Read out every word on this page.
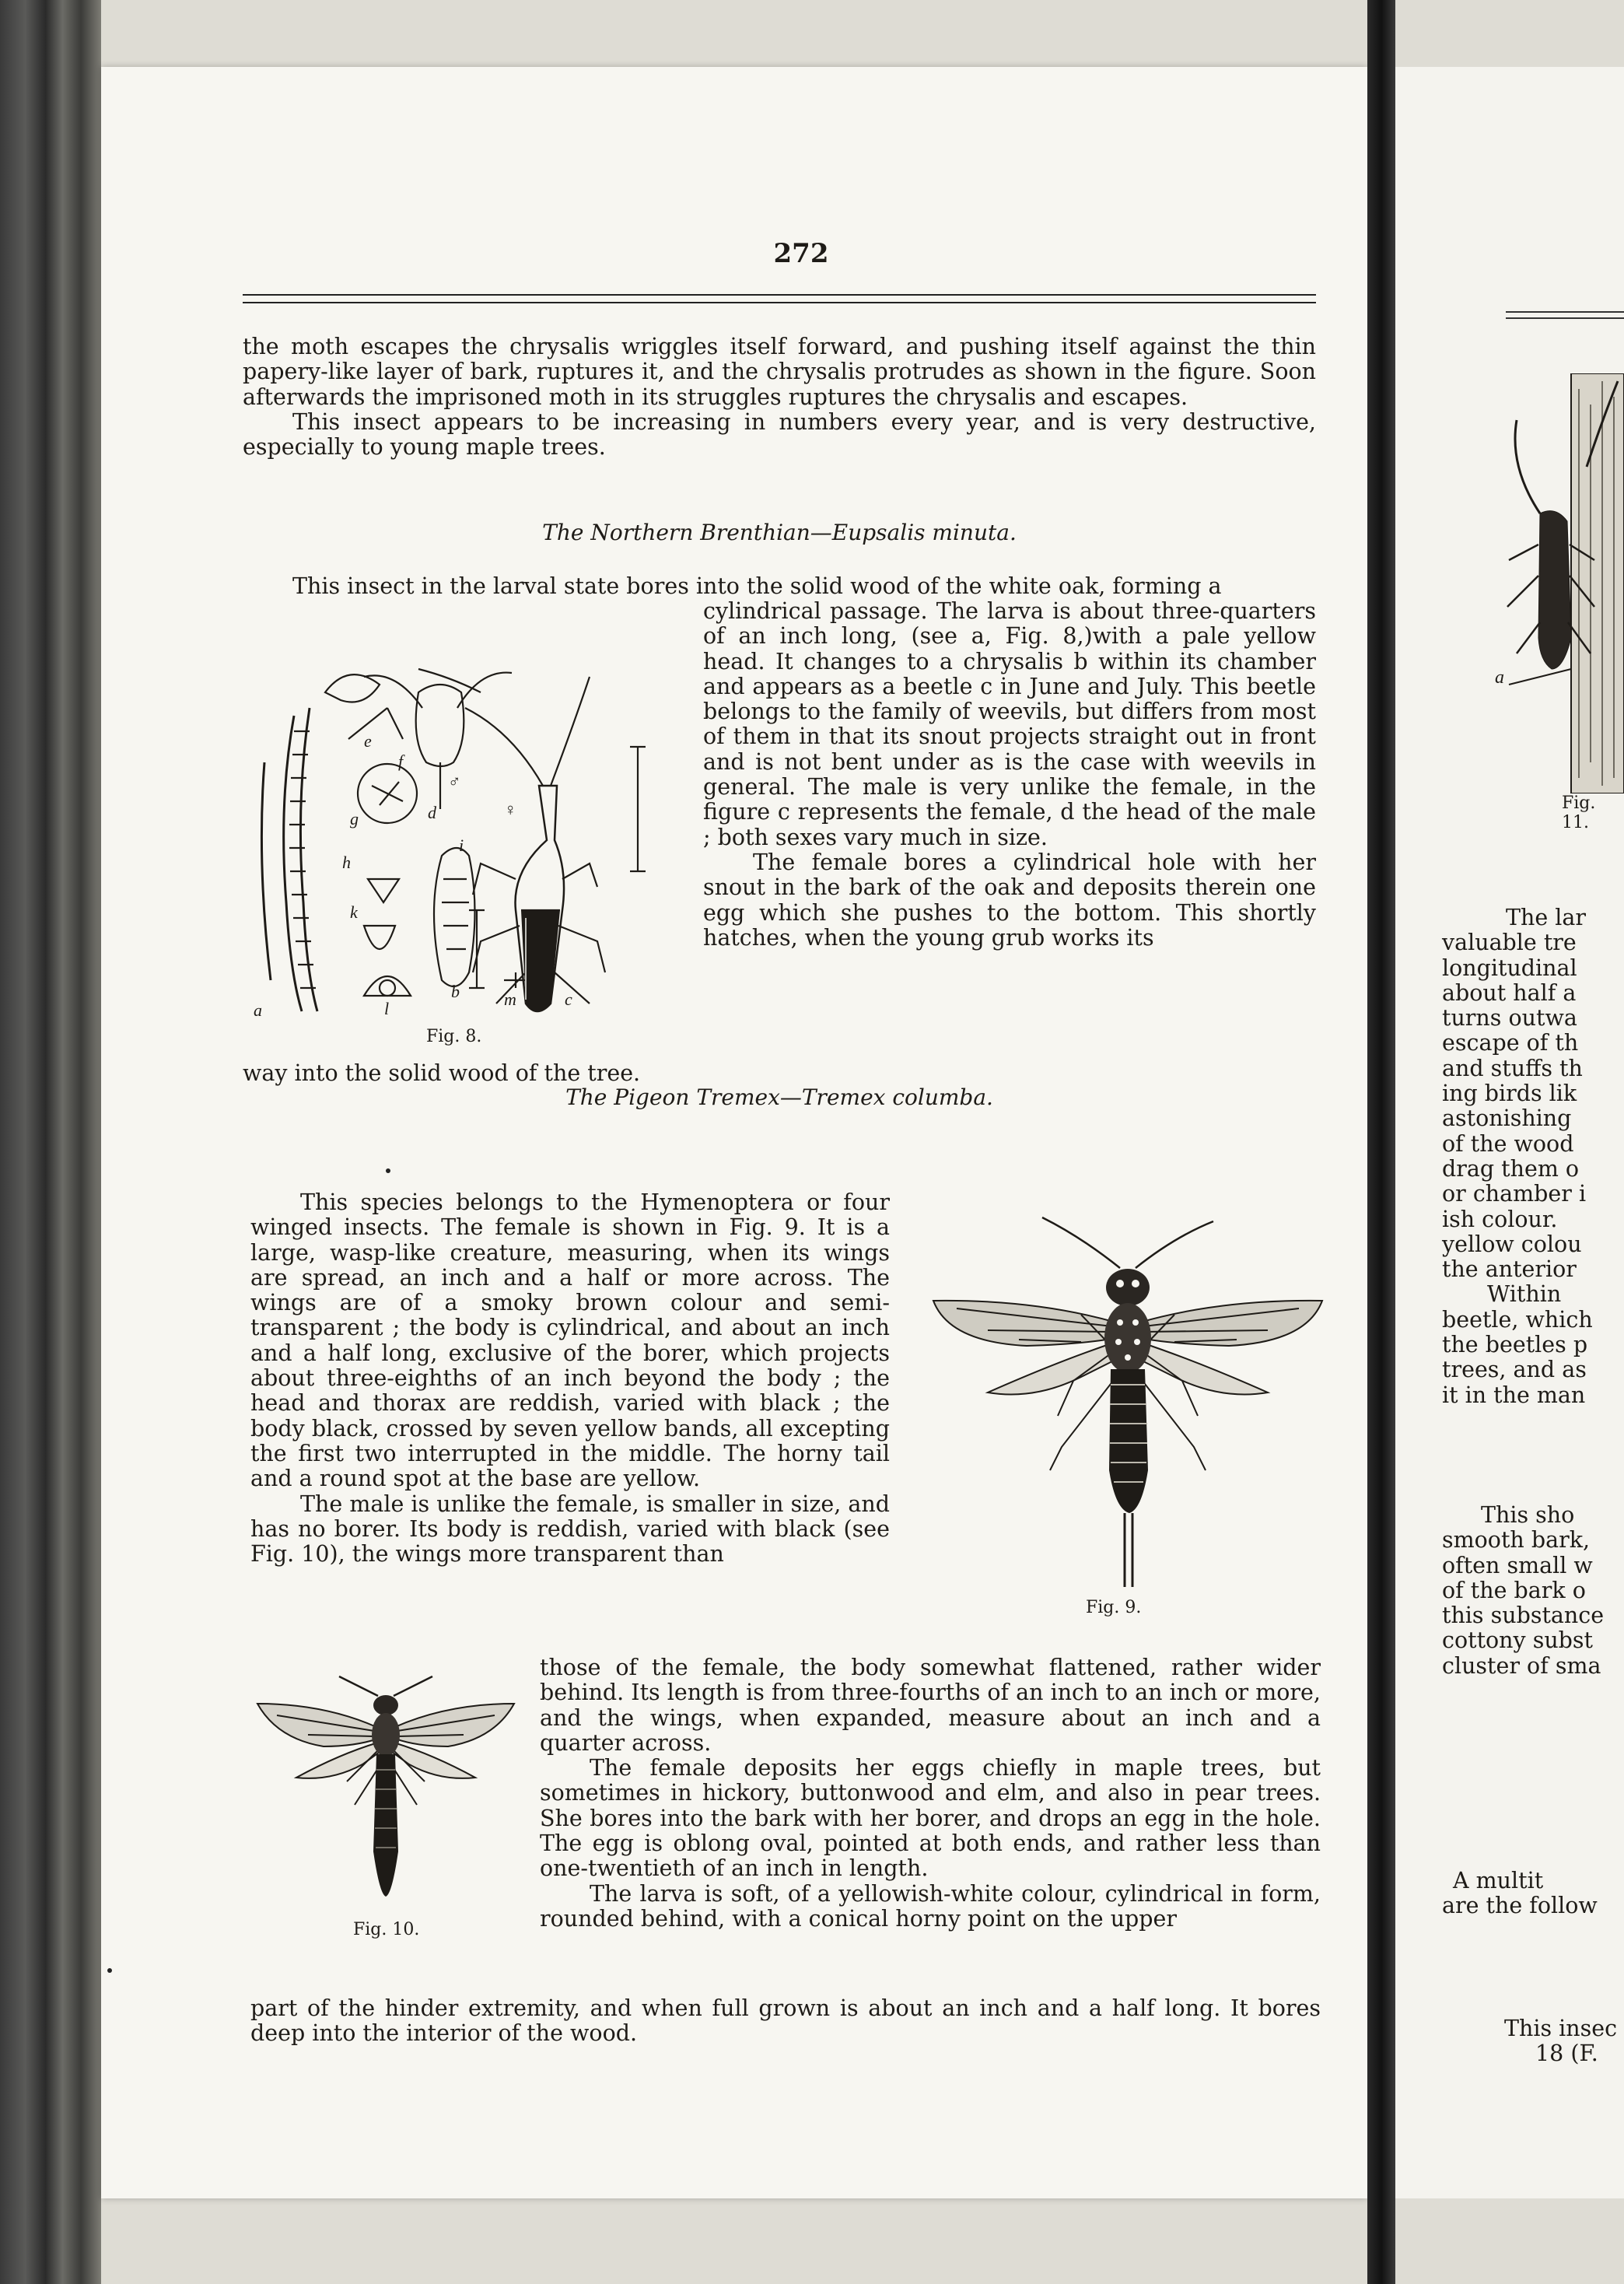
272

the moth escapes the chrysalis wriggles itself forward, and pushing itself against the thin papery-like layer of bark, ruptures it, and the chrysalis protrudes as shown in the figure. Soon afterwards the imprisoned moth in its struggles ruptures the chrysalis and escapes.

This insect appears to be increasing in numbers every year, and is very destructive, especially to young maple trees.

The Northern Brenthian—Eupsalis minuta.

This insect in the larval state bores into the solid wood of the white oak, forming a

cylindrical passage. The larva is about three-quarters of an inch long, (see a, Fig. 8,)with a pale yellow head. It changes to a chrysalis b within its chamber and appears as a beetle c in June and July. This beetle belongs to the family of weevils, but differs from most of them in that its snout projects straight out in front and is not bent under as is the case with weevils in general. The male is very unlike the female, in the figure c represents the female, d the head of the male ; both sexes vary much in size.

The female bores a cylindrical hole with her snout in the bark of the oak and deposits therein one egg which she pushes to the bottom. This shortly hatches, when the young grub works its

a
b	c
d
e
f
g
h
i
k
l	m
♀
♂
Fig. 8.

way into the solid wood of the tree.

The Pigeon Tremex—Tremex columba.

This species belongs to the Hymenoptera or four winged insects. The female is shown in Fig. 9. It is a large, wasp-like creature, measuring, when its wings are spread, an inch and a half or more across. The wings are of a smoky brown colour and semi-transparent ; the body is cylindrical, and about an inch and a half long, exclusive of the borer, which projects about three-eighths of an inch beyond the body ; the head and thorax are reddish, varied with black ; the body black, crossed by seven yellow bands, all excepting the first two interrupted in the middle. The horny tail and a round spot at the base are yellow.

The male is unlike the female, is smaller in size, and has no borer. Its body is reddish, varied with black (see Fig. 10), the wings more transparent than

Fig. 9.

those of the female, the body somewhat flattened, rather wider behind. Its length is from three-fourths of an inch to an inch or more, and the wings, when expanded, measure about an inch and a quarter across.

The female deposits her eggs chiefly in maple trees, but sometimes in hickory, buttonwood and elm, and also in pear trees. She bores into the bark with her borer, and drops an egg in the hole. The egg is oblong oval, pointed at both ends, and rather less than one-twentieth of an inch in length.

The larva is soft, of a yellowish-white colour, cylindrical in form, rounded behind, with a conical horny point on the upper

Fig. 10.

part of the hinder extremity, and when full grown is about an inch and a half long. It bores deep into the interior of the wood.

a
Fig. 11.
The lar
valuable tre
longitudinal
about half a
turns outwa
escape of th
and stuffs th
ing birds lik
astonishing
of the wood
drag them o
or chamber i
ish colour.
yellow colou
the anterior
Within
beetle, which
the beetles p
trees, and as
it in the man
This sho
smooth bark,
often small w
of the bark o
this substance
cottony subst
cluster of sma
A multit
are the follow
This insec
18 (F.
